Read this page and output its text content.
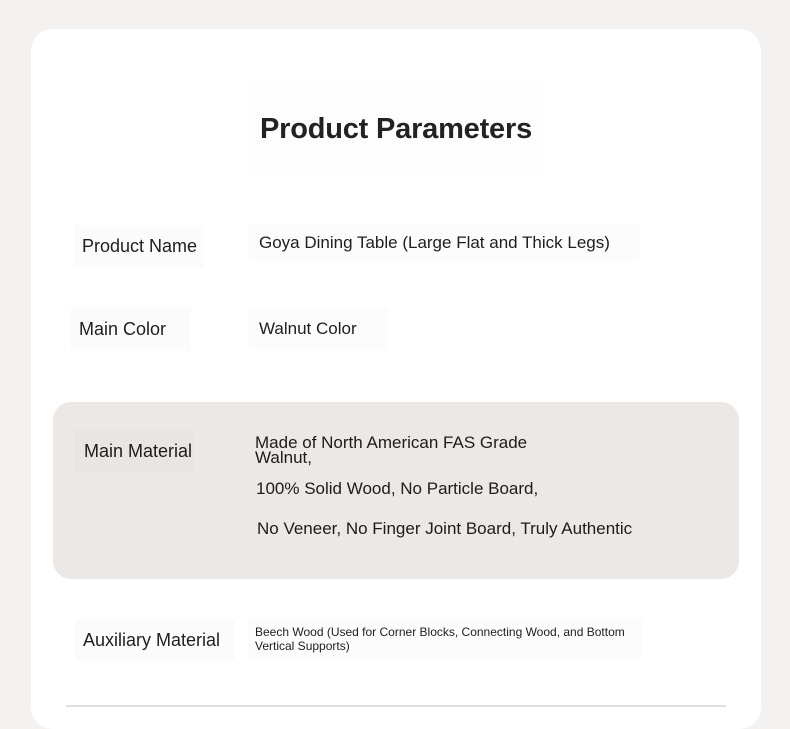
Product Parameters
Product Name	Goya Dining Table (Large Flat and Thick Legs)
Main Color	Walnut Color
Main Material	Made of North American FAS Grade
Walnut,
100% Solid Wood, No Particle Board,
No Veneer, No Finger Joint Board, Truly Authentic
Auxiliary Material	Beech Wood (Used for Corner Blocks, Connecting Wood, and Bottom Vertical Supports)
